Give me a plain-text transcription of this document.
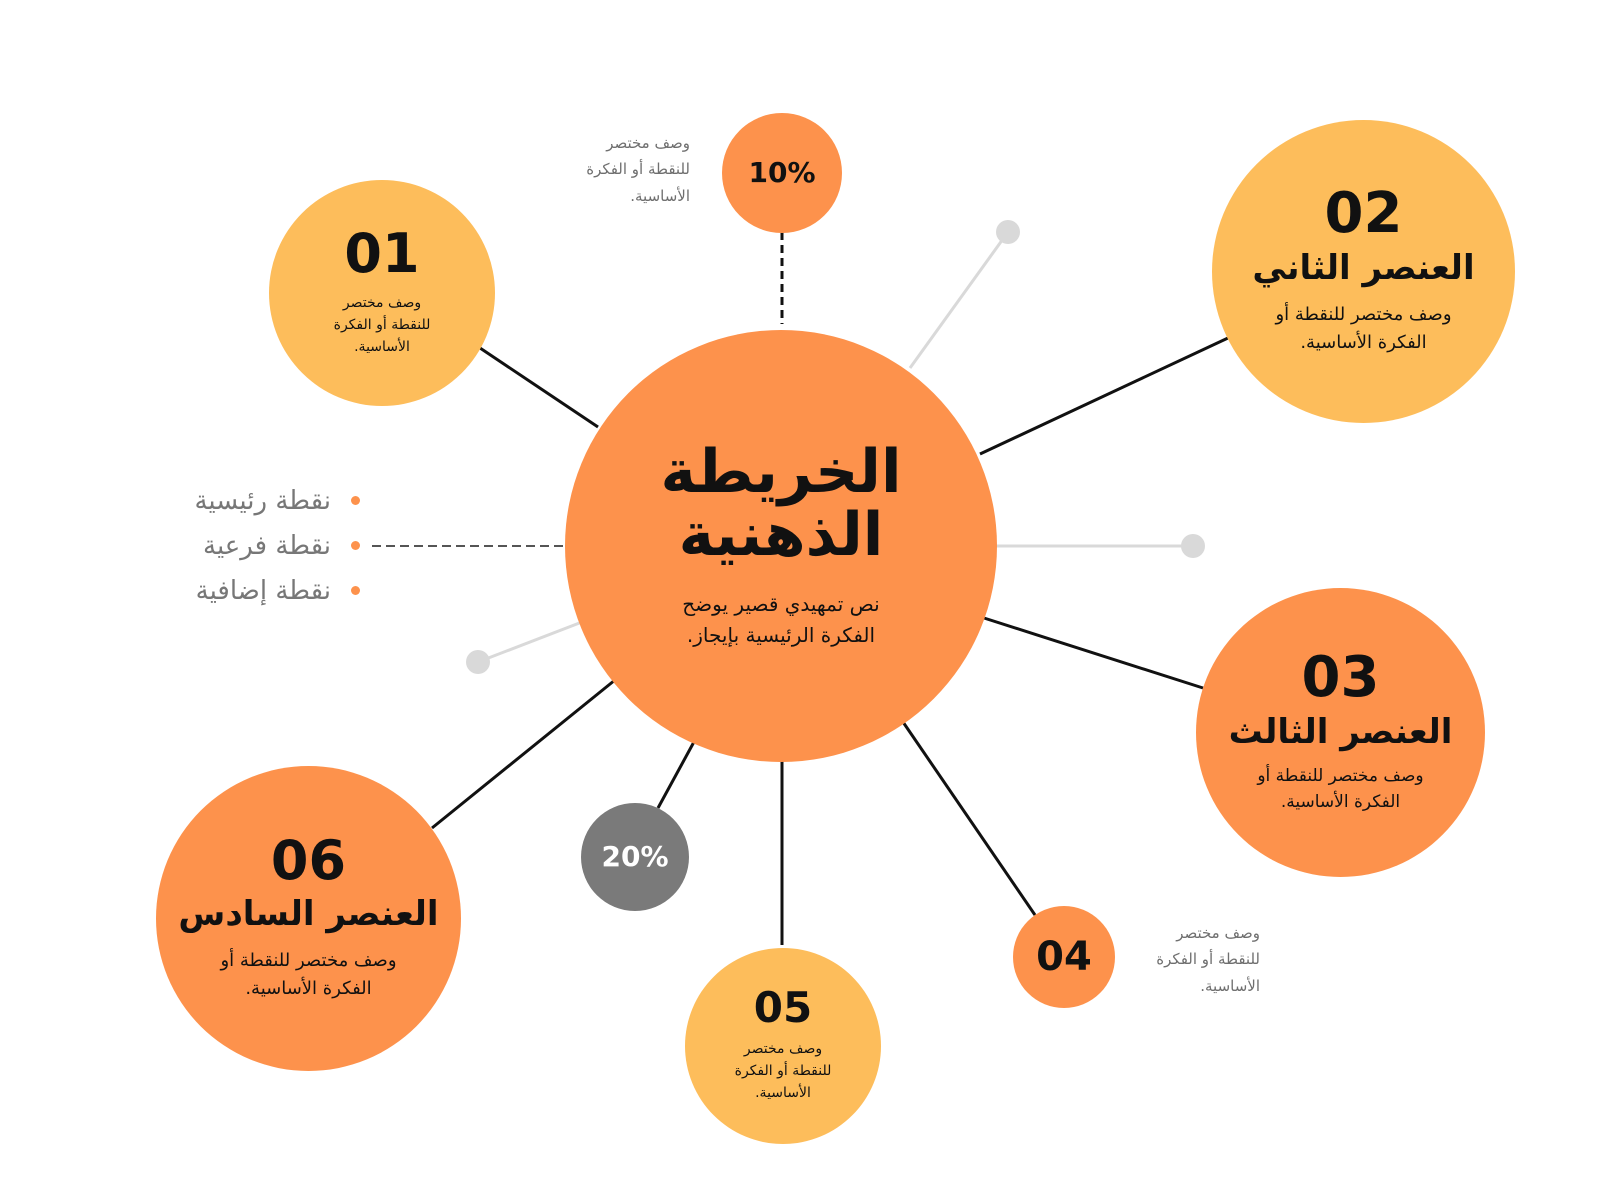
الخريطة
الذهنية
نص تمهيدي قصير يوضح
الفكرة الرئيسية بإيجاز.
01
وصف مختصر
للنقطة أو الفكرة
الأساسية.
02
العنصر الثاني
وصف مختصر للنقطة أو
الفكرة الأساسية.
03
العنصر الثالث
وصف مختصر للنقطة أو
الفكرة الأساسية.
04
وصف مختصر
للنقطة أو الفكرة
الأساسية.
05
وصف مختصر
للنقطة أو الفكرة
الأساسية.
06
العنصر السادس
وصف مختصر للنقطة أو
الفكرة الأساسية.
10%
وصف مختصر
للنقطة أو الفكرة
الأساسية.
20%
نقطة رئيسية
نقطة فرعية
نقطة إضافية
